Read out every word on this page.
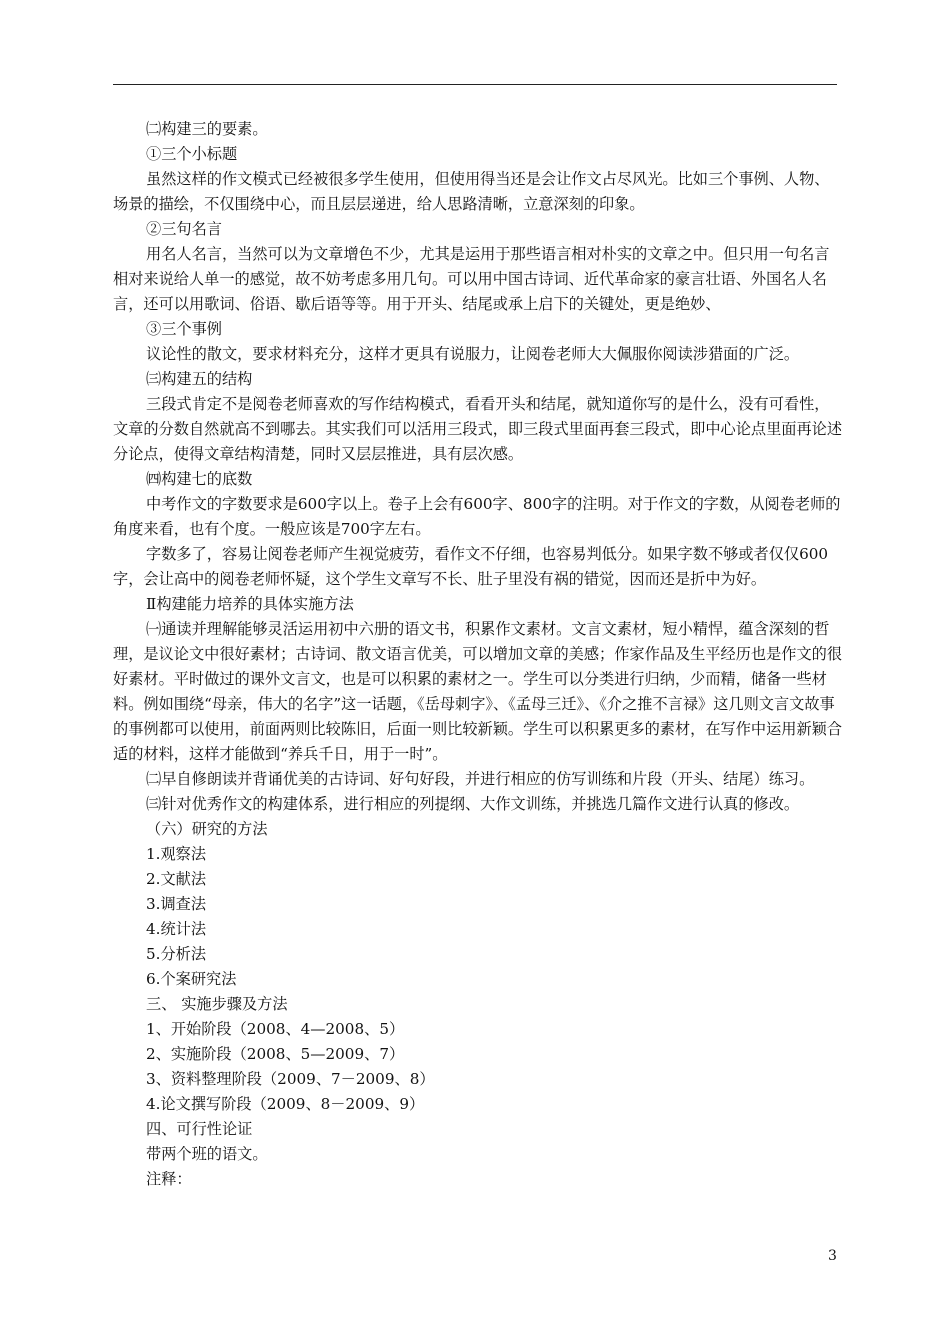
㈡构建三的要素。

①三个小标题

虽然这样的作文模式已经被很多学生使用，但使用得当还是会让作文占尽风光。比如三个事例、人物、场景的描绘，不仅围绕中心，而且层层递进，给人思路清晰，立意深刻的印象。

②三句名言

用名人名言，当然可以为文章增色不少，尤其是运用于那些语言相对朴实的文章之中。但只用一句名言相对来说给人单一的感觉，故不妨考虑多用几句。可以用中国古诗词、近代革命家的豪言壮语、外国名人名言，还可以用歌词、俗语、歇后语等等。用于开头、结尾或承上启下的关键处，更是绝妙、

③三个事例

议论性的散文，要求材料充分，这样才更具有说服力，让阅卷老师大大佩服你阅读涉猎面的广泛。

㈢构建五的结构

三段式肯定不是阅卷老师喜欢的写作结构模式，看看开头和结尾，就知道你写的是什么，没有可看性，文章的分数自然就高不到哪去。其实我们可以活用三段式，即三段式里面再套三段式，即中心论点里面再论述分论点，使得文章结构清楚，同时又层层推进，具有层次感。

㈣构建七的底数

中考作文的字数要求是600字以上。卷子上会有600字、800字的注明。对于作文的字数，从阅卷老师的角度来看，也有个度。一般应该是700字左右。

字数多了，容易让阅卷老师产生视觉疲劳，看作文不仔细，也容易判低分。如果字数不够或者仅仅600字，会让高中的阅卷老师怀疑，这个学生文章写不长、肚子里没有祸的错觉，因而还是折中为好。

Ⅱ构建能力培养的具体实施方法

㈠通读并理解能够灵活运用初中六册的语文书，积累作文素材。文言文素材，短小精悍，蕴含深刻的哲理，是议论文中很好素材；古诗词、散文语言优美，可以增加文章的美感；作家作品及生平经历也是作文的很好素材。平时做过的课外文言文，也是可以积累的素材之一。学生可以分类进行归纳，少而精，储备一些材料。例如围绕“母亲，伟大的名字”这一话题，《岳母刺字》、《孟母三迁》、《介之推不言禄》这几则文言文故事的事例都可以使用，前面两则比较陈旧，后面一则比较新颖。学生可以积累更多的素材，在写作中运用新颖合适的材料，这样才能做到“养兵千日，用于一时”。

㈡早自修朗读并背诵优美的古诗词、好句好段，并进行相应的仿写训练和片段（开头、结尾）练习。

㈢针对优秀作文的构建体系，进行相应的列提纲、大作文训练，并挑选几篇作文进行认真的修改。

（六）研究的方法

1.观察法

2.文献法

3.调查法

4.统计法

5.分析法

6.个案研究法

三、 实施步骤及方法

1、开始阶段（2008、4—2008、5）

2、实施阶段（2008、5—2009、7）

3、资料整理阶段（2009、7－2009、8）

4.论文撰写阶段（2009、8－2009、9）

四、可行性论证

带两个班的语文。

注释：

3
